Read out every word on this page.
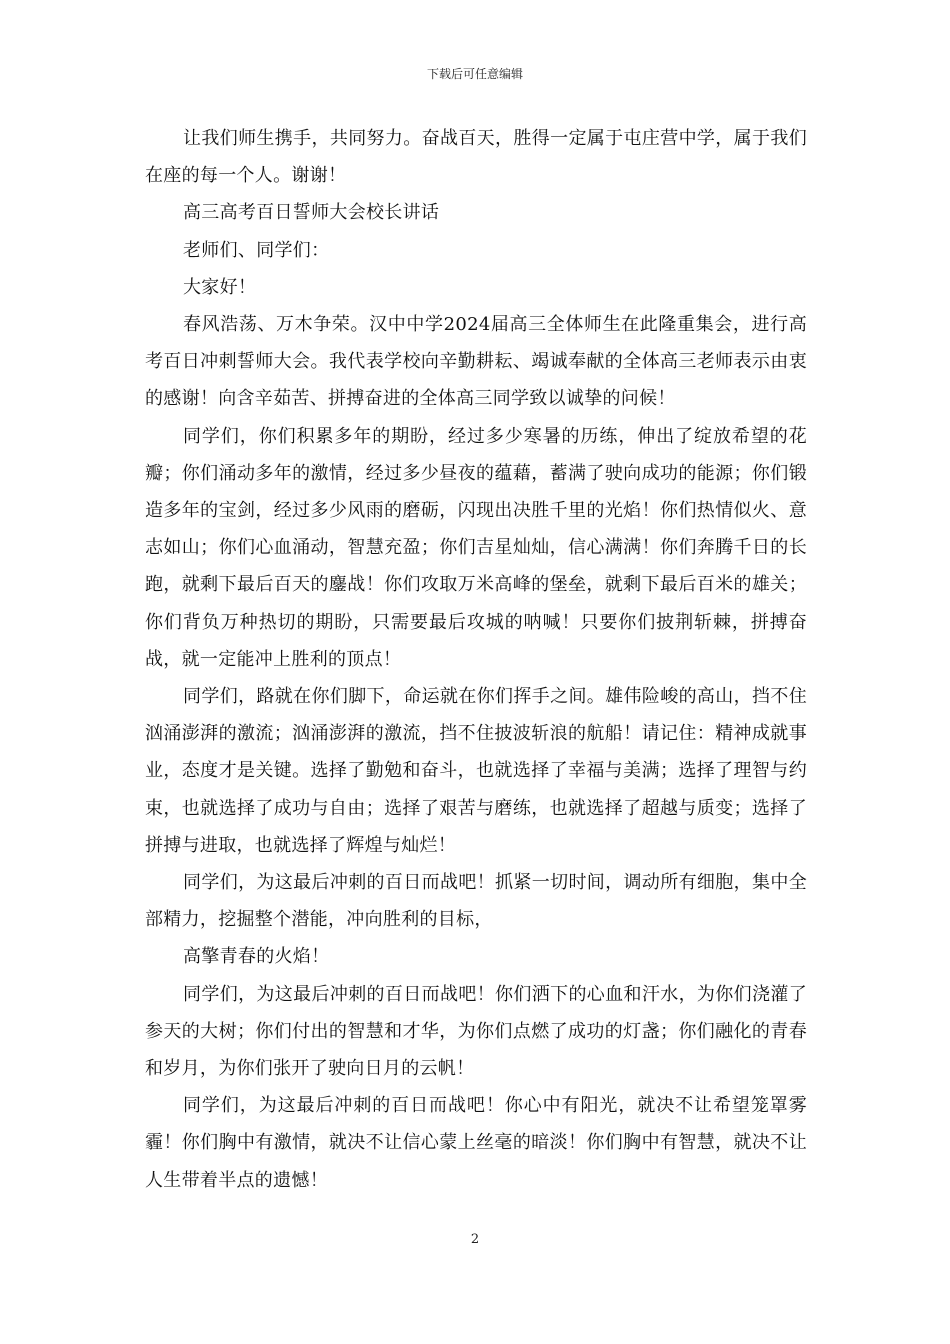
下载后可任意编辑

让我们师生携手，共同努力。奋战百天，胜得一定属于屯庄营中学，属于我们在座的每一个人。谢谢！

高三高考百日誓师大会校长讲话

老师们、同学们：

大家好！

春风浩荡、万木争荣。汉中中学2024届高三全体师生在此隆重集会，进行高考百日冲刺誓师大会。我代表学校向辛勤耕耘、竭诚奉献的全体高三老师表示由衷的感谢！向含辛茹苦、拼搏奋进的全体高三同学致以诚挚的问候！

同学们，你们积累多年的期盼，经过多少寒暑的历练，伸出了绽放希望的花瓣；你们涌动多年的激情，经过多少昼夜的蕴藉，蓄满了驶向成功的能源；你们锻造多年的宝剑，经过多少风雨的磨砺，闪现出决胜千里的光焰！你们热情似火、意志如山；你们心血涌动，智慧充盈；你们吉星灿灿，信心满满！你们奔腾千日的长跑，就剩下最后百天的鏖战！你们攻取万米高峰的堡垒，就剩下最后百米的雄关；你们背负万种热切的期盼，只需要最后攻城的呐喊！只要你们披荆斩棘，拼搏奋战，就一定能冲上胜利的顶点！

同学们，路就在你们脚下，命运就在你们挥手之间。雄伟险峻的高山，挡不住汹涌澎湃的激流；汹涌澎湃的激流，挡不住披波斩浪的航船！请记住：精神成就事业，态度才是关键。选择了勤勉和奋斗，也就选择了幸福与美满；选择了理智与约束，也就选择了成功与自由；选择了艰苦与磨练，也就选择了超越与质变；选择了拼搏与进取，也就选择了辉煌与灿烂！

同学们，为这最后冲刺的百日而战吧！抓紧一切时间，调动所有细胞，集中全部精力，挖掘整个潜能，冲向胜利的目标，

高擎青春的火焰！

同学们，为这最后冲刺的百日而战吧！你们洒下的心血和汗水，为你们浇灌了参天的大树；你们付出的智慧和才华，为你们点燃了成功的灯盏；你们融化的青春和岁月，为你们张开了驶向日月的云帆！

同学们，为这最后冲刺的百日而战吧！你心中有阳光，就决不让希望笼罩雾霾！你们胸中有激情，就决不让信心蒙上丝毫的暗淡！你们胸中有智慧，就决不让人生带着半点的遗憾！

2
